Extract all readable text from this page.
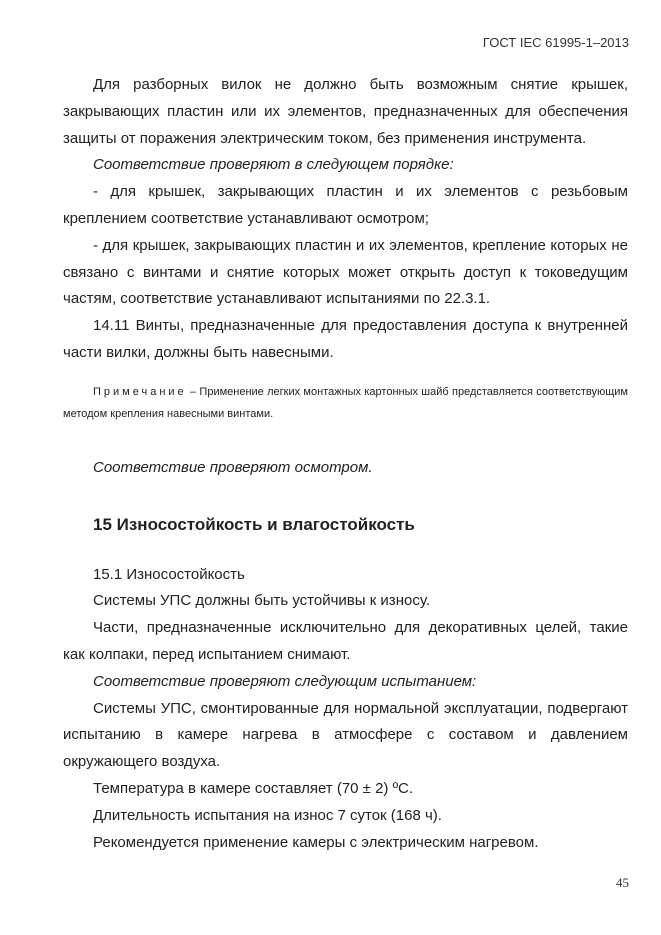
ГОСТ IEC 61995-1–2013

Для разборных вилок не должно быть возможным снятие крышек, закрывающих пластин или их элементов, предназначенных для обеспечения защиты от поражения электрическим током, без применения инструмента.

Соответствие проверяют в следующем порядке:

- для крышек, закрывающих пластин и их элементов с резьбовым креплением соответствие устанавливают осмотром;

- для крышек, закрывающих пластин и их элементов, крепление которых не связано с винтами и снятие которых может открыть доступ к токоведущим частям, соответствие устанавливают испытаниями по 22.3.1.

14.11 Винты, предназначенные для предоставления доступа к внутренней части вилки, должны быть навесными.

Примечание – Применение легких монтажных картонных шайб представляется соответствующим методом крепления навесными винтами.

Соответствие проверяют осмотром.

15 Износостойкость и влагостойкость

15.1 Износостойкость

Системы УПС должны быть устойчивы к износу.

Части, предназначенные исключительно для декоративных целей, такие как колпаки, перед испытанием снимают.

Соответствие проверяют следующим испытанием:

Системы УПС, смонтированные для нормальной эксплуатации, подвергают испытанию в камере нагрева в атмосфере с составом и давлением окружающего воздуха.

Температура в камере составляет (70 ± 2) ºС.

Длительность испытания на износ 7 суток (168 ч).

Рекомендуется применение камеры с электрическим нагревом.

45
